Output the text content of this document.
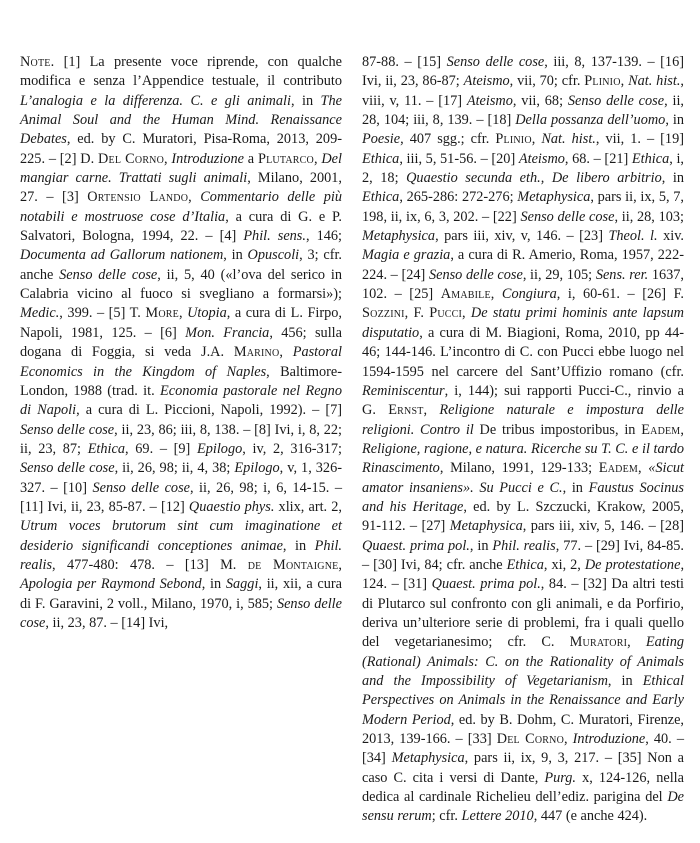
Note. [1] La presente voce riprende, con qualche modifica e senza l’Appendice testuale, il contributo L’analogia e la differenza. C. e gli animali, in The Animal Soul and the Human Mind. Renaissance Debates, ed. by C. Muratori, Pisa-Roma, 2013, 209-225. – [2] D. Del Corno, Introduzione a Plutarco, Del mangiar carne. Trattati sugli animali, Milano, 2001, 27. – [3] Ortensio Lando, Commentario delle più notabili e mostruose cose d’Italia, a cura di G. e P. Salvatori, Bologna, 1994, 22. – [4] Phil. sens., 146; Documenta ad Gallorum nationem, in Opuscoli, 3; cfr. anche Senso delle cose, ii, 5, 40 («l’ova del serico in Calabria vicino al fuoco si svegliano a formarsi»); Medic., 399. – [5] T. More, Utopia, a cura di L. Firpo, Napoli, 1981, 125. – [6] Mon. Francia, 456; sulla dogana di Foggia, si veda J.A. Marino, Pastoral Economics in the Kingdom of Naples, Baltimore-London, 1988 (trad. it. Economia pastorale nel Regno di Napoli, a cura di L. Piccioni, Napoli, 1992). – [7] Senso delle cose, ii, 23, 86; iii, 8, 138. – [8] Ivi, i, 8, 22; ii, 23, 87; Ethica, 69. – [9] Epilogo, iv, 2, 316-317; Senso delle cose, ii, 26, 98; ii, 4, 38; Epilogo, v, 1, 326-327. – [10] Senso delle cose, ii, 26, 98; i, 6, 14-15. – [11] Ivi, ii, 23, 85-87. – [12] Quaestio phys. xlix, art. 2, Utrum voces brutorum sint cum imaginatione et desiderio significandi conceptiones animae, in Phil. realis, 477-480: 478. – [13] M. de Montaigne, Apologia per Raymond Sebond, in Saggi, ii, xii, a cura di F. Garavini, 2 voll., Milano, 1970, i, 585; Senso delle cose, ii, 23, 87. – [14] Ivi,

87-88. – [15] Senso delle cose, iii, 8, 137-139. – [16] Ivi, ii, 23, 86-87; Ateismo, vii, 70; cfr. Plinio, Nat. hist., viii, v, 11. – [17] Ateismo, vii, 68; Senso delle cose, ii, 28, 104; iii, 8, 139. – [18] Della possanza dell’uomo, in Poesie, 407 sgg.; cfr. Plinio, Nat. hist., vii, 1. – [19] Ethica, iii, 5, 51-56. – [20] Ateismo, 68. – [21] Ethica, i, 2, 18; Quaestio secunda eth., De libero arbitrio, in Ethica, 265-286: 272-276; Metaphysica, pars ii, ix, 5, 7, 198, ii, ix, 6, 3, 202. – [22] Senso delle cose, ii, 28, 103; Metaphysica, pars iii, xiv, v, 146. – [23] Theol. l. xiv. Magia e grazia, a cura di R. Amerio, Roma, 1957, 222-224. – [24] Senso delle cose, ii, 29, 105; Sens. rer. 1637, 102. – [25] Amabile, Congiura, i, 60-61. – [26] F. Sozzini, F. Pucci, De statu primi hominis ante lapsum disputatio, a cura di M. Biagioni, Roma, 2010, pp 44-46; 144-146. L’incontro di C. con Pucci ebbe luogo nel 1594-1595 nel carcere del Sant’Uffizio romano (cfr. Reminiscentur, i, 144); sui rapporti Pucci-C., rinvio a G. Ernst, Religione naturale e impostura delle religioni. Contro il De tribus impostoribus, in Eadem, Religione, ragione, e natura. Ricerche su T. C. e il tardo Rinascimento, Milano, 1991, 129-133; Eadem, «Sicut amator insaniens». Su Pucci e C., in Faustus Socinus and his Heritage, ed. by L. Szczucki, Krakow, 2005, 91-112. – [27] Metaphysica, pars iii, xiv, 5, 146. – [28] Quaest. prima pol., in Phil. realis, 77. – [29] Ivi, 84-85. – [30] Ivi, 84; cfr. anche Ethica, xi, 2, De protestatione, 124. – [31] Quaest. prima pol., 84. – [32] Da altri testi di Plutarco sul confronto con gli animali, e da Porfirio, deriva un’ulteriore serie di problemi, fra i quali quello del vegetarianesimo; cfr. C. Muratori, Eating (Rational) Animals: C. on the Rationality of Animals and the Impossibility of Vegetarianism, in Ethical Perspectives on Animals in the Renaissance and Early Modern Period, ed. by B. Dohm, C. Muratori, Firenze, 2013, 139-166. – [33] Del Corno, Introduzione, 40. – [34] Metaphysica, pars ii, ix, 9, 3, 217. – [35] Non a caso C. cita i versi di Dante, Purg. x, 124-126, nella dedica al cardinale Richelieu dell’ediz. parigina del De sensu rerum; cfr. Lettere 2010, 447 (e anche 424).
